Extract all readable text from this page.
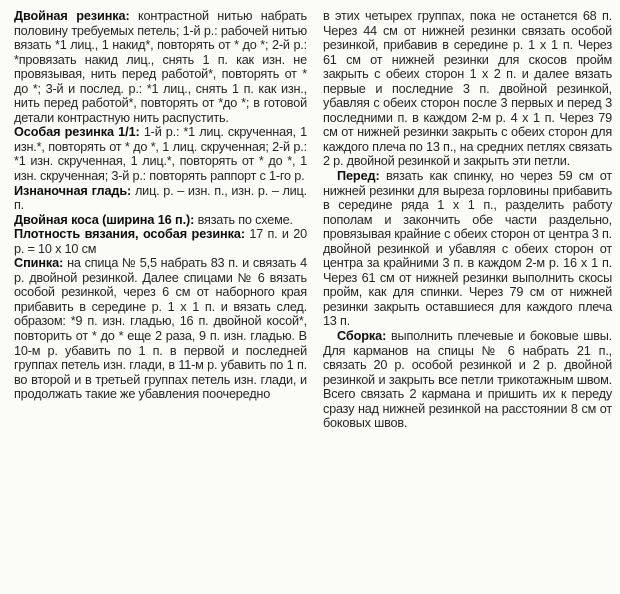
Двойная резинка: контрастной нитью набрать половину требуемых петель; 1-й р.: рабочей нитью вязать *1 лиц., 1 накид*, повторять от * до *; 2-й р.: *провязать накид лиц., снять 1 п. как изн. не провязывая, нить перед работой*, повторять от * до *; 3-й и послед. р.: *1 лиц., снять 1 п. как изн., нить перед работой*, повторять от *до *; в готовой детали контрастную нить распустить.

Особая резинка 1/1: 1-й р.: *1 лиц. скрученная, 1 изн.*, повторять от * до *, 1 лиц. скрученная; 2-й р.: *1 изн. скрученная, 1 лиц.*, повторять от * до *, 1 изн. скрученная; 3-й р.: повторять раппорт с 1-го р.

Изнаночная гладь: лиц. р. – изн. п., изн. р. – лиц. п.

Двойная коса (ширина 16 п.): вязать по схеме.

Плотность вязания, особая резинка: 17 п. и 20 р. = 10 х 10 см

Спинка: на спица № 5,5 набрать 83 п. и связать 4 р. двойной резинкой. Далее спицами № 6 вязать особой резинкой, через 6 см от наборного края прибавить в середине р. 1 х 1 п. и вязать след. образом: *9 п. изн. гладью, 16 п. двойной косой*, повторить от * до * еще 2 раза, 9 п. изн. гладью. В 10-м р. убавить по 1 п. в первой и последней группах петель изн. глади, в 11-м р. убавить по 1 п. во второй и в третьей группах петель изн. глади, и продолжать такие же убавления поочередно

в этих четырех группах, пока не останется 68 п. Через 44 см от нижней резинки связать особой резинкой, прибавив в середине р. 1 х 1 п. Через 61 см от нижней резинки для скосов пройм закрыть с обеих сторон 1 х 2 п. и далее вязать первые и последние 3 п. двойной резинкой, убавляя с обеих сторон после 3 первых и перед 3 последними п. в каждом 2-м р. 4 х 1 п. Через 79 см от нижней резинки закрыть с обеих сторон для каждого плеча по 13 п., на средних петлях связать 2 р. двойной резинкой и закрыть эти петли.

Перед: вязать как спинку, но через 59 см от нижней резинки для выреза горловины прибавить в середине ряда 1 х 1 п., разделить работу пополам и закончить обе части раздельно, провязывая крайние с обеих сторон от центра 3 п. двойной резинкой и убавляя с обеих сторон от центра за крайними 3 п. в каждом 2-м р. 16 х 1 п. Через 61 см от нижней резинки выполнить скосы пройм, как для спинки. Через 79 см от нижней резинки закрыть оставшиеся для каждого плеча 13 п.

Сборка: выполнить плечевые и боковые швы. Для карманов на спицы № 6 набрать 21 п., связать 20 р. особой резинкой и 2 р. двойной резинкой и закрыть все петли трикотажным швом. Всего связать 2 кармана и пришить их к переду сразу над нижней резинкой на расстоянии 8 см от боковых швов.
